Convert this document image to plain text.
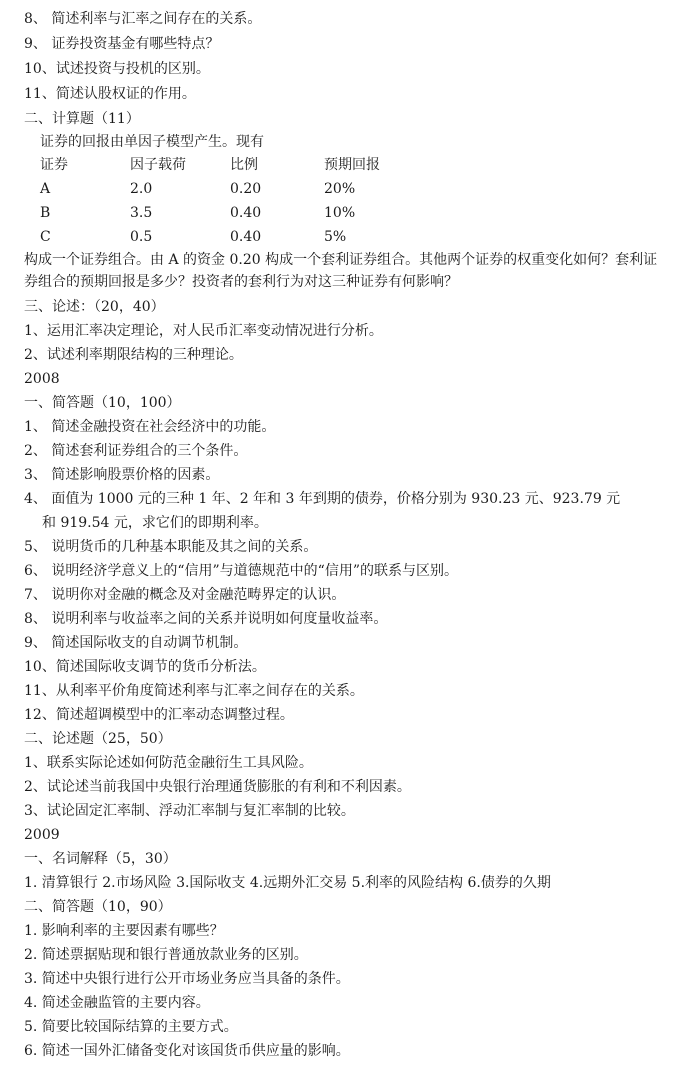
8、 简述利率与汇率之间存在的关系。
9、 证券投资基金有哪些特点？
10、试述投资与投机的区别。
11、简述认股权证的作用。
二、计算题（11）
证券的回报由单因子模型产生。现有
证券	因子载荷	比例	预期回报
A	2.0	0.20	20%
B	3.5	0.40	10%
C	0.5	0.40	5%
构成一个证券组合。由 A 的资金 0.20 构成一个套利证券组合。其他两个证券的权重变化如何？套利证券组合的预期回报是多少？投资者的套利行为对这三种证券有何影响？
三、论述：（20，40）
1、运用汇率决定理论，对人民币汇率变动情况进行分析。
2、试述利率期限结构的三种理论。
2008
一、简答题（10，100）
1、 简述金融投资在社会经济中的功能。
2、 简述套利证券组合的三个条件。
3、 简述影响股票价格的因素。
4、 面值为 1000 元的三种 1 年、2 年和 3 年到期的债券，价格分别为 930.23 元、923.79 元
和 919.54 元，求它们的即期利率。
5、 说明货币的几种基本职能及其之间的关系。
6、 说明经济学意义上的“信用”与道德规范中的“信用”的联系与区别。
7、 说明你对金融的概念及对金融范畴界定的认识。
8、 说明利率与收益率之间的关系并说明如何度量收益率。
9、 简述国际收支的自动调节机制。
10、简述国际收支调节的货币分析法。
11、从利率平价角度简述利率与汇率之间存在的关系。
12、简述超调模型中的汇率动态调整过程。
二、论述题（25，50）
1、联系实际论述如何防范金融衍生工具风险。
2、试论述当前我国中央银行治理通货膨胀的有利和不利因素。
3、试论固定汇率制、浮动汇率制与复汇率制的比较。
2009
一、名词解释（5，30）
1. 清算银行 2.市场风险 3.国际收支 4.远期外汇交易 5.利率的风险结构 6.债券的久期
二、简答题（10，90）
1. 影响利率的主要因素有哪些？
2. 简述票据贴现和银行普通放款业务的区别。
3. 简述中央银行进行公开市场业务应当具备的条件。
4. 简述金融监管的主要内容。
5. 简要比较国际结算的主要方式。
6. 简述一国外汇储备变化对该国货币供应量的影响。
